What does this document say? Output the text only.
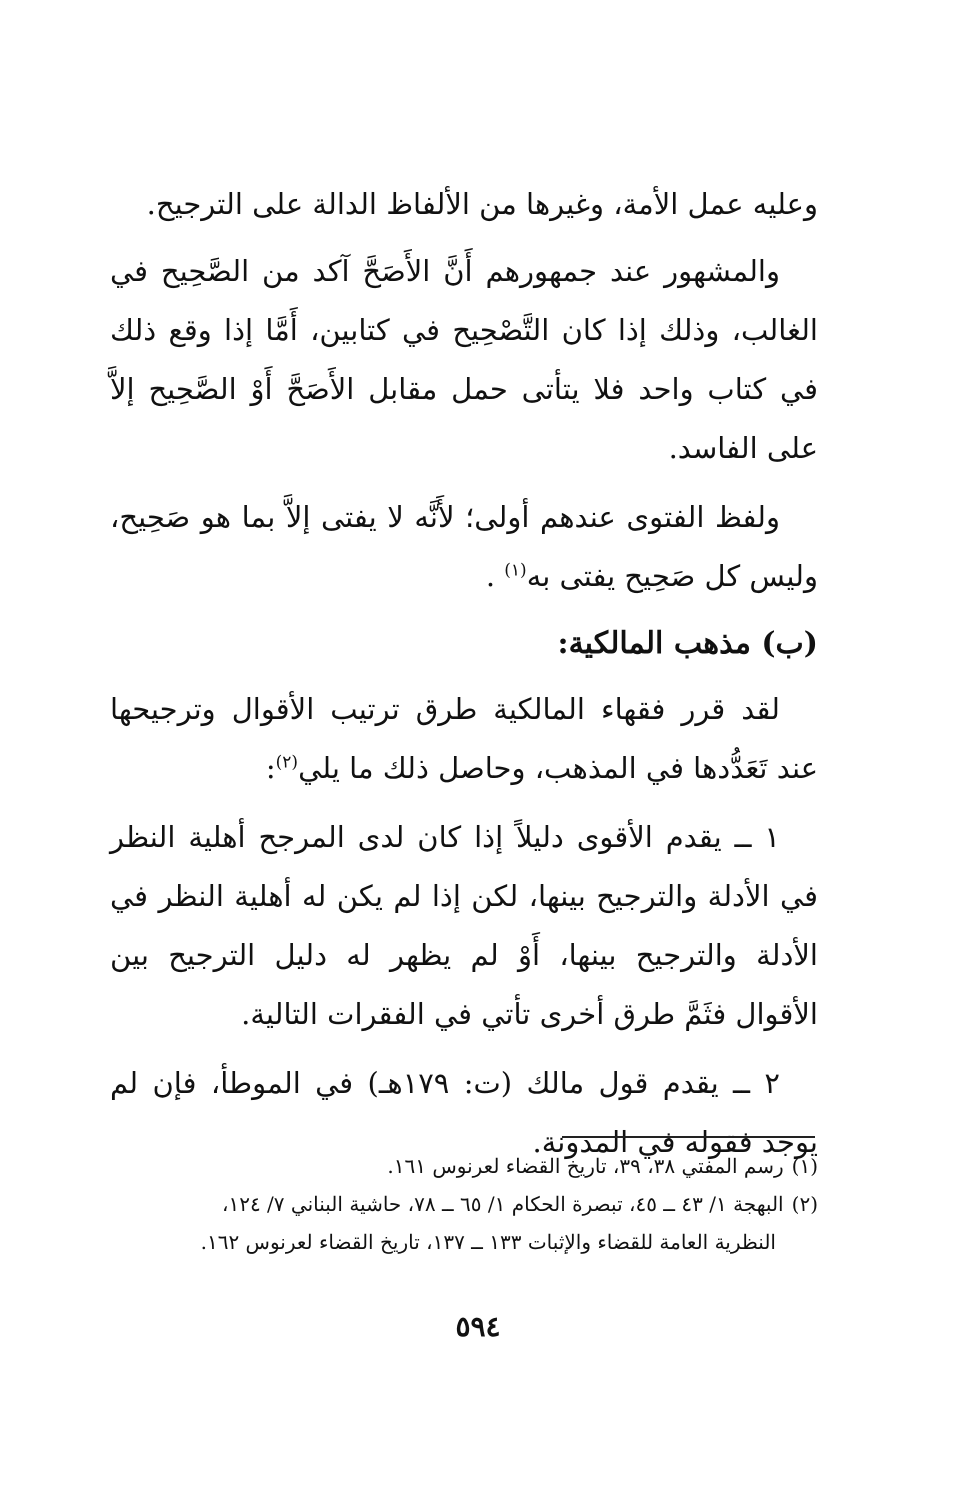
وعليه عمل الأمة، وغيرها من الألفاظ الدالة على الترجيح.

والمشهور عند جمهورهم أَنَّ الأَصَحَّ آكد من الصَّحِيح في الغالب، وذلك إذا كان التَّصْحِيح في كتابين، أَمَّا إذا وقع ذلك في كتاب واحد فلا يتأتى حمل مقابل الأَصَحَّ أَوْ الصَّحِيح إلاَّ على الفاسد.

ولفظ الفتوى عندهم أولى؛ لأَنَّه لا يفتى إلاَّ بما هو صَحِيح، وليس كل صَحِيح يفتى به$^{(١)}$ .

(ب) مذهب المالكية:

لقد قرر فقهاء المالكية طرق ترتيب الأقوال وترجيحها عند تَعَدُّدها في المذهب، وحاصل ذلك ما يلي$^{(٢)}$:

١ ــ يقدم الأقوى دليلاً إذا كان لدى المرجح أهلية النظر في الأدلة والترجيح بينها، لكن إذا لم يكن له أهلية النظر في الأدلة والترجيح بينها، أَوْ لم يظهر له دليل الترجيح بين الأقوال فثَمَّ طرق أخرى تأتي في الفقرات التالية.

٢ ــ يقدم قول مالك (ت: ١٧٩هـ) في الموطأ، فإن لم يوجد فقوله في المدونة.

(١)رسم المفتي ٣٨، ٣٩، تاريخ القضاء لعرنوس ١٦١.

(٢)البهجة ١/ ٤٣ ــ ٤٥، تبصرة الحكام ١/ ٦٥ ــ ٧٨، حاشية البناني ٧/ ١٢٤،

النظرية العامة للقضاء والإثبات ١٣٣ ــ ١٣٧، تاريخ القضاء لعرنوس ١٦٢.

٥٩٤
